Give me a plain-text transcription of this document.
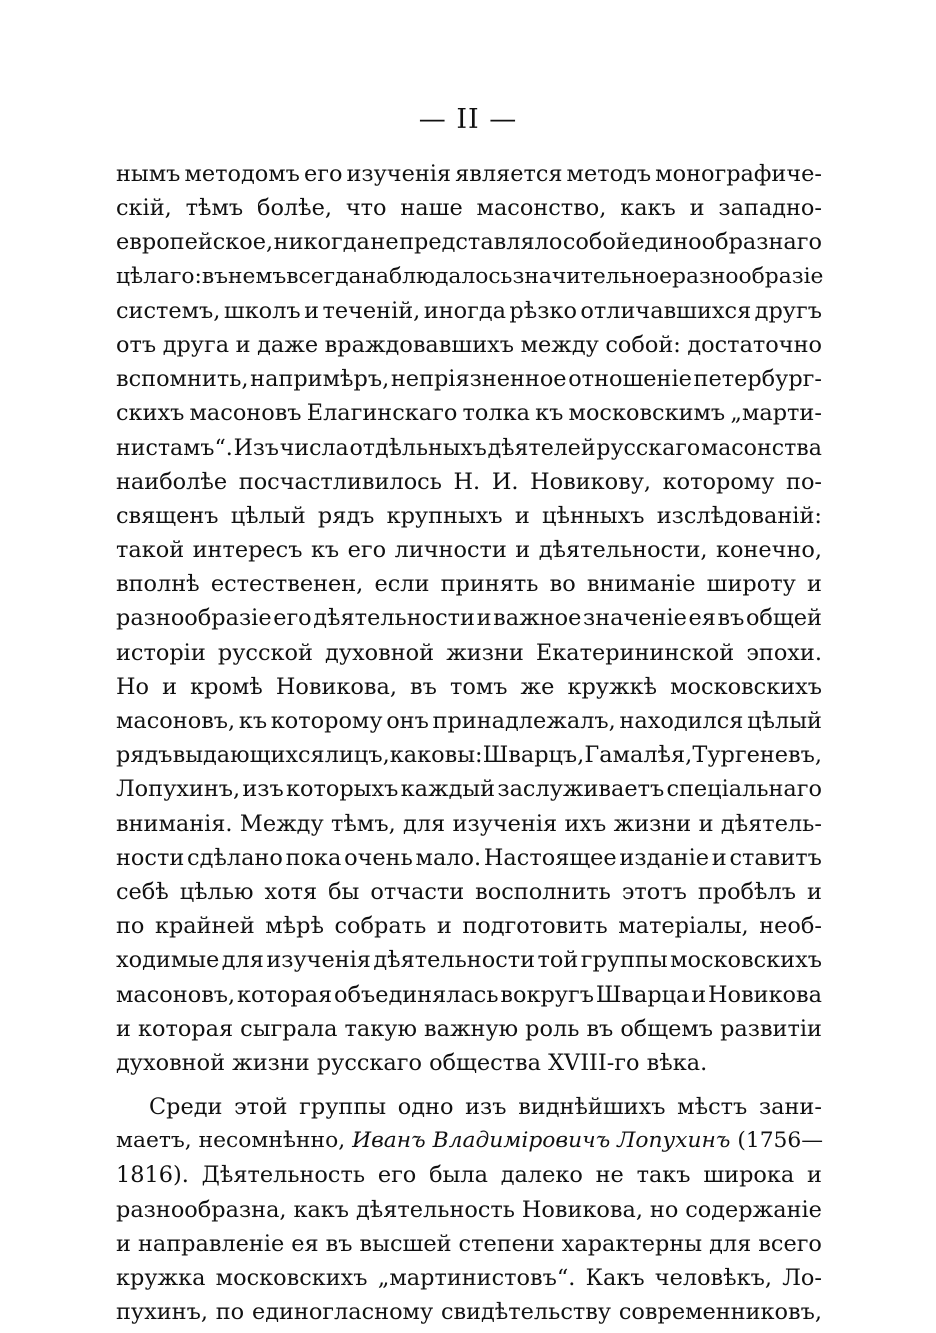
— II —
нымъ методомъ его изученія является методъ монографиче-
скій, тѣмъ болѣе, что наше масонство, какъ и западно-
европейское, никогда не представляло собой единообразнаго
цѣлаго: въ немъ всегда наблюдалось значительное разнообразіе
системъ, школъ и теченій, иногда рѣзко отличавшихся другъ
отъ друга и даже враждовавшихъ между собой: достаточно
вспомнить, напримѣръ, непріязненное отношеніе петербург-
скихъ масоновъ Елагинскаго толка къ московскимъ „марти-
нистамъ“. Изъ числа отдѣльныхъ дѣятелей русскаго масонства
наиболѣе посчастливилось Н. И. Новикову, которому по-
священъ цѣлый рядъ крупныхъ и цѣнныхъ изслѣдованій:
такой интересъ къ его личности и дѣятельности, конечно,
вполнѣ естественен, если принять во вниманіе широту и
разнообразіе его дѣятельности и важное значеніе ея въ общей
исторіи русской духовной жизни Екатерининской эпохи.
Но и кромѣ Новикова, въ томъ же кружкѣ московскихъ
масоновъ, къ которому онъ принадлежалъ, находился цѣлый
рядъ выдающихся лицъ, каковы: Шварцъ, Гамалѣя, Тургеневъ,
Лопухинъ, изъ которыхъ каждый заслуживаетъ спеціальнаго
вниманія. Между тѣмъ, для изученія ихъ жизни и дѣятель-
ности сдѣлано пока очень мало. Настоящее изданіе и ставитъ
себѣ цѣлью хотя бы отчасти восполнить этотъ пробѣлъ и
по крайней мѣрѣ собрать и подготовить матеріалы, необ-
ходимые для изученія дѣятельности той группы московскихъ
масоновъ, которая объединялась вокругъ Шварца и Новикова
и которая сыграла такую важную роль въ общемъ развитіи
духовной жизни русскаго общества XVIII-го вѣка.
Среди этой группы одно изъ виднѣйшихъ мѣстъ зани-
маетъ, несомнѣнно, Иванъ Владиміровичъ Лопухинъ (1756—
1816). Дѣятельность его была далеко не такъ широка и
разнообразна, какъ дѣятельность Новикова, но содержаніе
и направленіе ея въ высшей степени характерны для всего
кружка московскихъ „мартинистовъ“. Какъ человѣкъ, Ло-
пухинъ, по единогласному свидѣтельству современниковъ,
